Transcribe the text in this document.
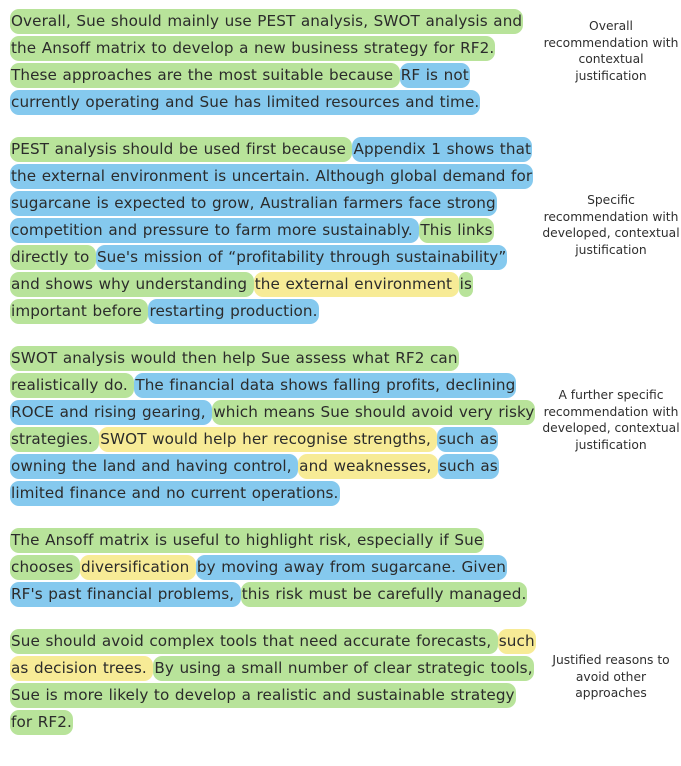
Overall, Sue should mainly use PEST analysis, SWOT analysis and the Ansoff matrix to develop a new business strategy for RF2. These approaches are the most suitable because RF is not currently operating and Sue has limited resources and time.

PEST analysis should be used first because Appendix 1 shows that the external environment is uncertain. Although global demand for sugarcane is expected to grow, Australian farmers face strong competition and pressure to farm more sustainably. This links directly to Sue's mission of “profitability through sustainability” and shows why understanding the external environment is important before restarting production.

SWOT analysis would then help Sue assess what RF2 can realistically do. The financial data shows falling profits, declining ROCE and rising gearing, which means Sue should avoid very risky strategies. SWOT would help her recognise strengths, such as owning the land and having control, and weaknesses, such as limited finance and no current operations.

The Ansoff matrix is useful to highlight risk, especially if Sue chooses diversification by moving away from sugarcane. Given RF's past financial problems, this risk must be carefully managed.

Sue should avoid complex tools that need accurate forecasts, such as decision trees. By using a small number of clear strategic tools, Sue is more likely to develop a realistic and sustainable strategy for RF2.

Overall recommendation with contextual justification
Specific recommendation with developed, contextual justification
A further specific recommendation with developed, contextual justification
Justified reasons to avoid other approaches
